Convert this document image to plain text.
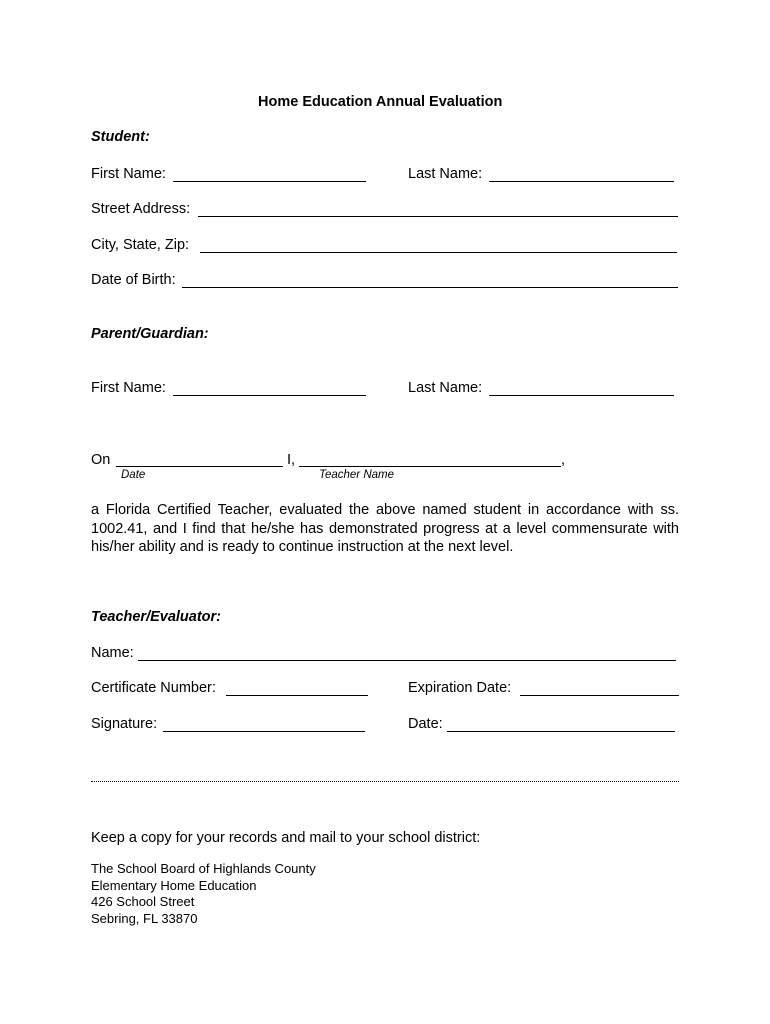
Home Education Annual Evaluation
Student:
First Name:	Last Name:
Street Address:
City, State, Zip:
Date of Birth:
Parent/Guardian:
First Name:	Last Name:
On	I,	,
Date	Teacher Name
a Florida Certified Teacher, evaluated the above named student in accordance with ss. 1002.41, and I find that he/she has demonstrated progress at a level commensurate with his/her ability and is ready to continue instruction at the next level.
Teacher/Evaluator:
Name:
Certificate Number:	Expiration Date:
Signature:	Date:
Keep a copy for your records and mail to your school district:
The School Board of Highlands County
Elementary Home Education
426 School Street
Sebring, FL 33870
